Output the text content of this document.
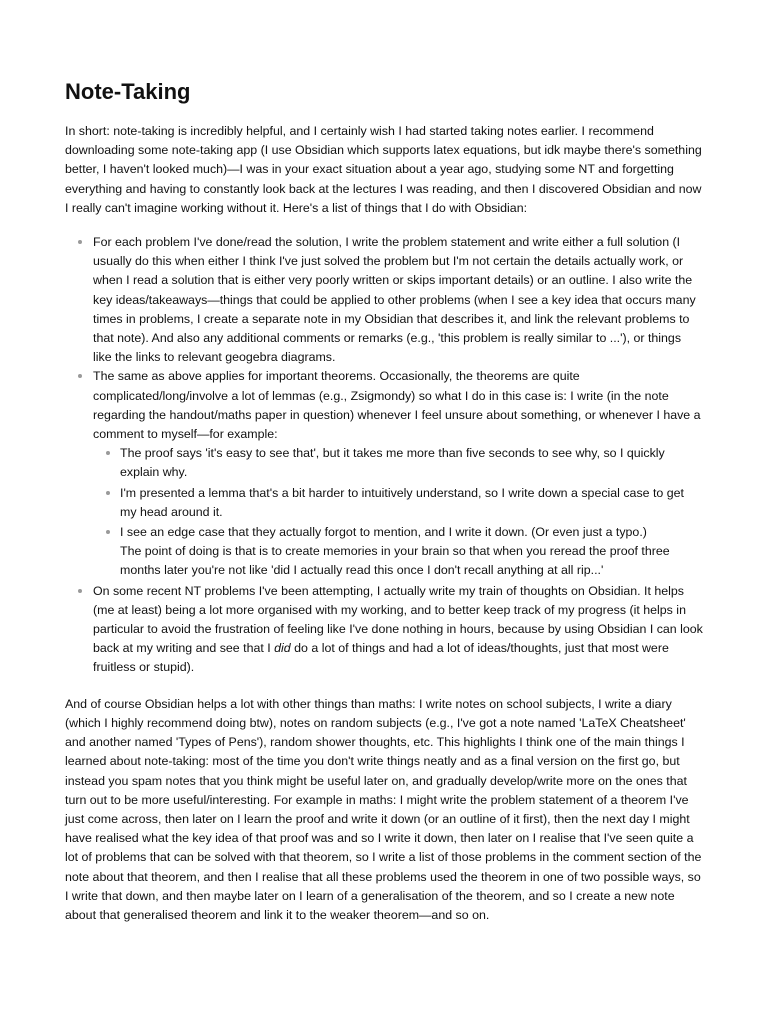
Note-Taking

In short: note-taking is incredibly helpful, and I certainly wish I had started taking notes earlier. I recommend downloading some note-taking app (I use Obsidian which supports latex equations, but idk maybe there's something better, I haven't looked much)—I was in your exact situation about a year ago, studying some NT and forgetting everything and having to constantly look back at the lectures I was reading, and then I discovered Obsidian and now I really can't imagine working without it. Here's a list of things that I do with Obsidian:

For each problem I've done/read the solution, I write the problem statement and write either a full solution (I usually do this when either I think I've just solved the problem but I'm not certain the details actually work, or when I read a solution that is either very poorly written or skips important details) or an outline. I also write the key ideas/takeaways—things that could be applied to other problems (when I see a key idea that occurs many times in problems, I create a separate note in my Obsidian that describes it, and link the relevant problems to that note). And also any additional comments or remarks (e.g., 'this problem is really similar to ...'), or things like the links to relevant geogebra diagrams.
The same as above applies for important theorems. Occasionally, the theorems are quite complicated/long/involve a lot of lemmas (e.g., Zsigmondy) so what I do in this case is: I write (in the note regarding the handout/maths paper in question) whenever I feel unsure about something, or whenever I have a comment to myself—for example:
The proof says 'it's easy to see that', but it takes me more than five seconds to see why, so I quickly explain why.
I'm presented a lemma that's a bit harder to intuitively understand, so I write down a special case to get my head around it.
I see an edge case that they actually forgot to mention, and I write it down. (Or even just a typo.)
The point of doing is that is to create memories in your brain so that when you reread the proof three months later you're not like 'did I actually read this once I don't recall anything at all rip...'
On some recent NT problems I've been attempting, I actually write my train of thoughts on Obsidian. It helps (me at least) being a lot more organised with my working, and to better keep track of my progress (it helps in particular to avoid the frustration of feeling like I've done nothing in hours, because by using Obsidian I can look back at my writing and see that I did do a lot of things and had a lot of ideas/thoughts, just that most were fruitless or stupid).

And of course Obsidian helps a lot with other things than maths: I write notes on school subjects, I write a diary (which I highly recommend doing btw), notes on random subjects (e.g., I've got a note named 'LaTeX Cheatsheet' and another named 'Types of Pens'), random shower thoughts, etc. This highlights I think one of the main things I learned about note-taking: most of the time you don't write things neatly and as a final version on the first go, but instead you spam notes that you think might be useful later on, and gradually develop/write more on the ones that turn out to be more useful/interesting. For example in maths: I might write the problem statement of a theorem I've just come across, then later on I learn the proof and write it down (or an outline of it first), then the next day I might have realised what the key idea of that proof was and so I write it down, then later on I realise that I've seen quite a lot of problems that can be solved with that theorem, so I write a list of those problems in the comment section of the note about that theorem, and then I realise that all these problems used the theorem in one of two possible ways, so I write that down, and then maybe later on I learn of a generalisation of the theorem, and so I create a new note about that generalised theorem and link it to the weaker theorem—and so on.
